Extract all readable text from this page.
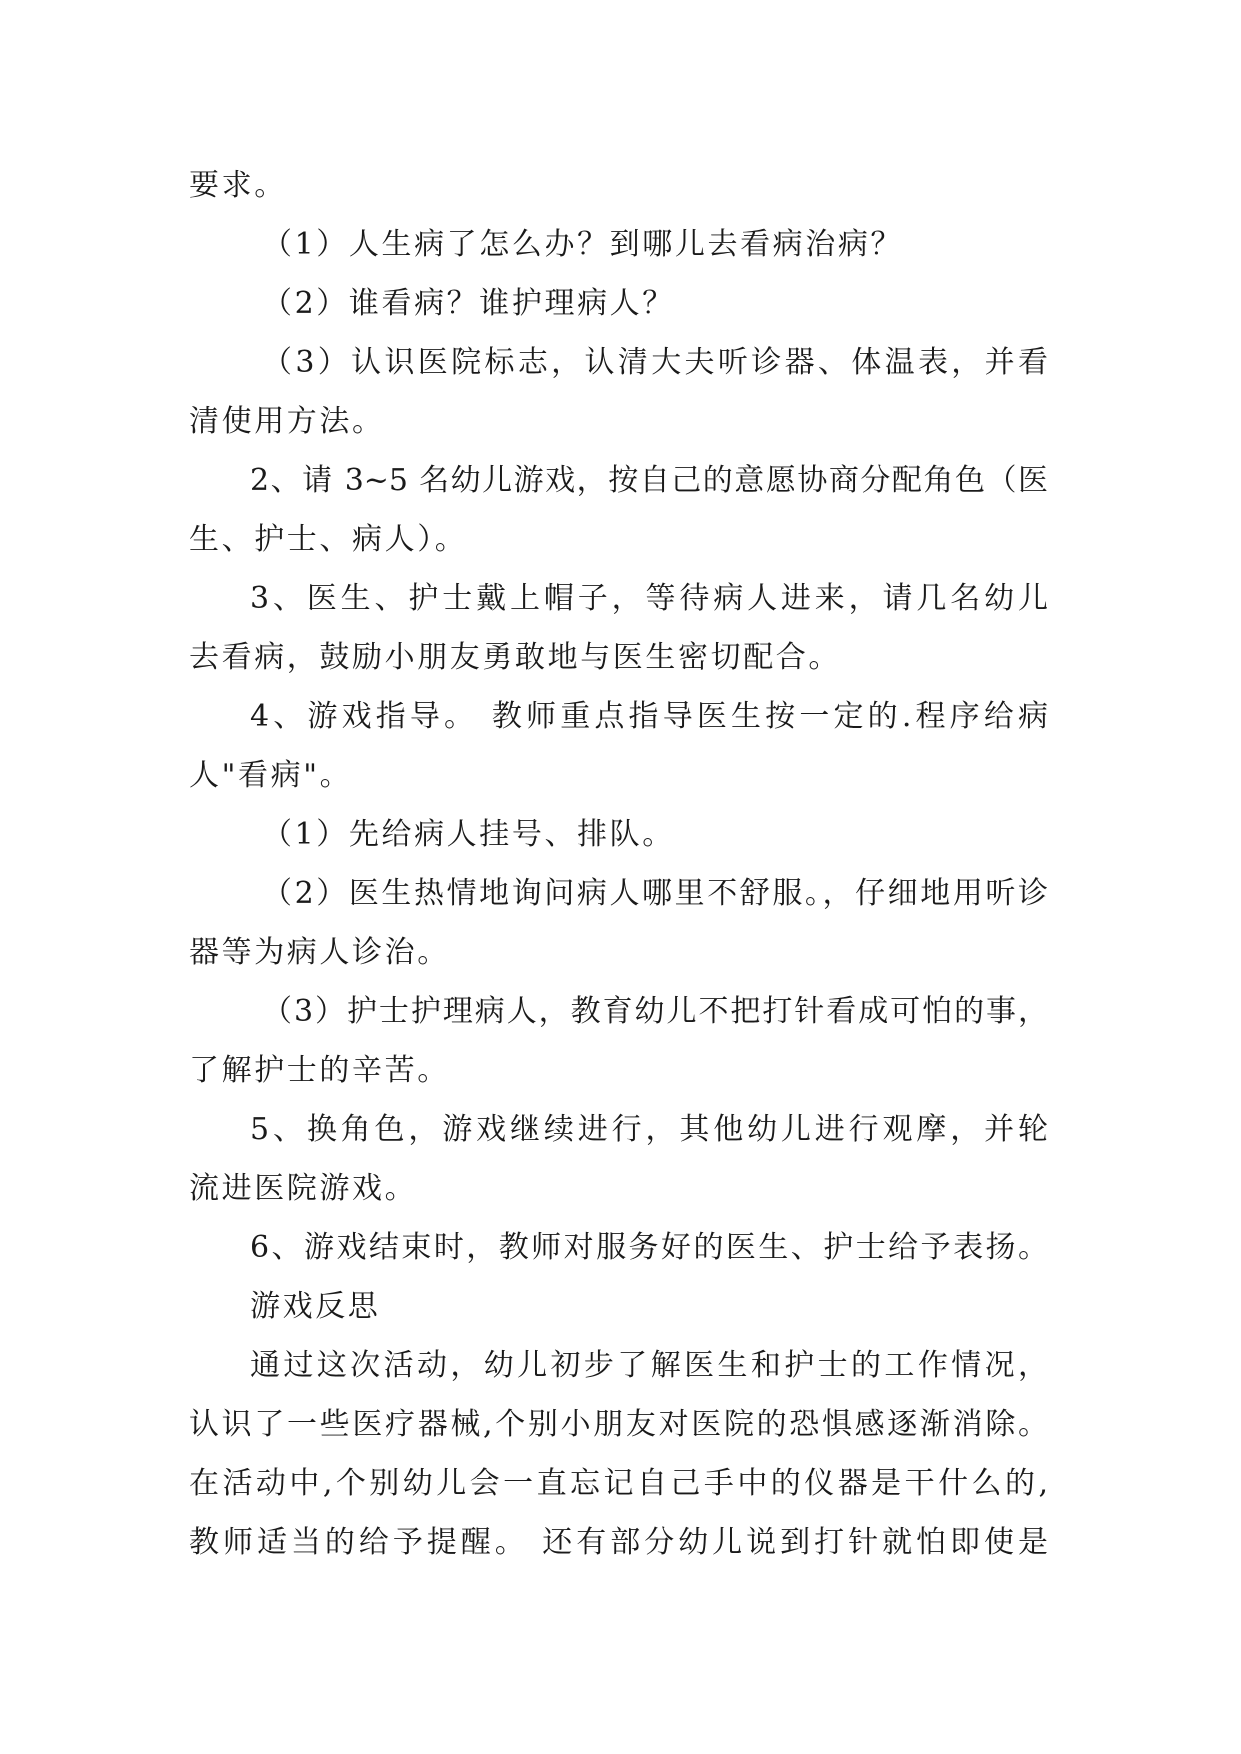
要求。
（1）人生病了怎么办？到哪儿去看病治病？
（2）谁看病？谁护理病人？
（3）认识医院标志，认清大夫听诊器、体温表，并看
清使用方法。
2、请 3~5 名幼儿游戏，按自己的意愿协商分配角色（医
生、护士、病人）。
3、医生、护士戴上帽子，等待病人进来，请几名幼儿
去看病，鼓励小朋友勇敢地与医生密切配合。
4、游戏指导。 教师重点指导医生按一定的.程序给病
人"看病"。
（1）先给病人挂号、排队。
（2）医生热情地询问病人哪里不舒服。，仔细地用听诊
器等为病人诊治。
（3）护士护理病人，教育幼儿不把打针看成可怕的事，
了解护士的辛苦。
5、换角色，游戏继续进行，其他幼儿进行观摩，并轮
流进医院游戏。
6、游戏结束时，教师对服务好的医生、护士给予表扬。
游戏反思
通过这次活动，幼儿初步了解医生和护士的工作情况，
认识了一些医疗器械,个别小朋友对医院的恐惧感逐渐消除。
在活动中,个别幼儿会一直忘记自己手中的仪器是干什么的,
教师适当的给予提醒。 还有部分幼儿说到打针就怕即使是
